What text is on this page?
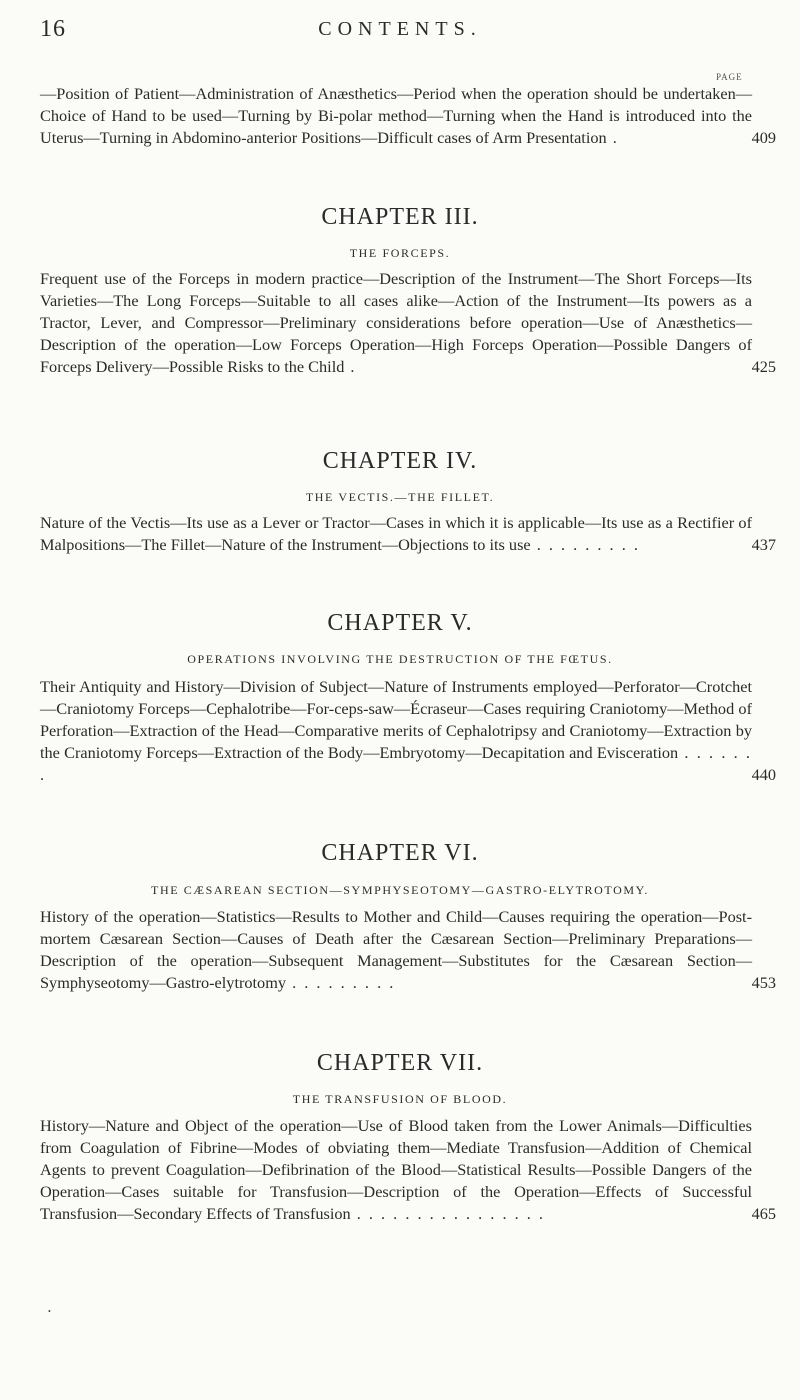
16	CONTENTS.
PAGE
—Position of Patient—Administration of Anæsthetics—Period when the operation should be undertaken—Choice of Hand to be used—Turning by Bi-polar method—Turning when the Hand is introduced into the Uterus—Turning in Abdomino-anterior Positions—Difficult cases of Arm Presentation .	409
CHAPTER III.
THE FORCEPS.
Frequent use of the Forceps in modern practice—Description of the Instrument—The Short Forceps—Its Varieties—The Long Forceps—Suitable to all cases alike—Action of the Instrument—Its powers as a Tractor, Lever, and Compressor—Preliminary considerations before operation—Use of Anæsthetics—Description of the operation—Low Forceps Operation—High Forceps Operation—Possible Dangers of Forceps Delivery—Possible Risks to the Child .	425
CHAPTER IV.
THE VECTIS.—THE FILLET.
Nature of the Vectis—Its use as a Lever or Tractor—Cases in which it is applicable—Its use as a Rectifier of Malpositions—The Fillet—Nature of the Instrument—Objections to its use . . . . . . . . .	437
CHAPTER V.
OPERATIONS INVOLVING THE DESTRUCTION OF THE FŒTUS.
Their Antiquity and History—Division of Subject—Nature of Instruments employed—Perforator—Crotchet—Craniotomy Forceps—Cephalotribe—For-ceps-saw—Écraseur—Cases requiring Craniotomy—Method of Perforation—Extraction of the Head—Comparative merits of Cephalotripsy and Craniotomy—Extraction by the Craniotomy Forceps—Extraction of the Body—Embryotomy—Decapitation and Evisceration . . . . . . .	440
CHAPTER VI.
THE CÆSAREAN SECTION—SYMPHYSEOTOMY—GASTRO-ELYTROTOMY.
History of the operation—Statistics—Results to Mother and Child—Causes requiring the operation—Post-mortem Cæsarean Section—Causes of Death after the Cæsarean Section—Preliminary Preparations—Description of the operation—Subsequent Management—Substitutes for the Cæsarean Section—Symphyseotomy—Gastro-elytrotomy . . . . . . . . .	453
CHAPTER VII.
THE TRANSFUSION OF BLOOD.
History—Nature and Object of the operation—Use of Blood taken from the Lower Animals—Difficulties from Coagulation of Fibrine—Modes of obviating them—Mediate Transfusion—Addition of Chemical Agents to prevent Coagulation—Defibrination of the Blood—Statistical Results—Possible Dangers of the Operation—Cases suitable for Transfusion—Description of the Operation—Effects of Successful Transfusion—Secondary Effects of Transfusion . . . . . . . . . . . . . . . .	465
•
